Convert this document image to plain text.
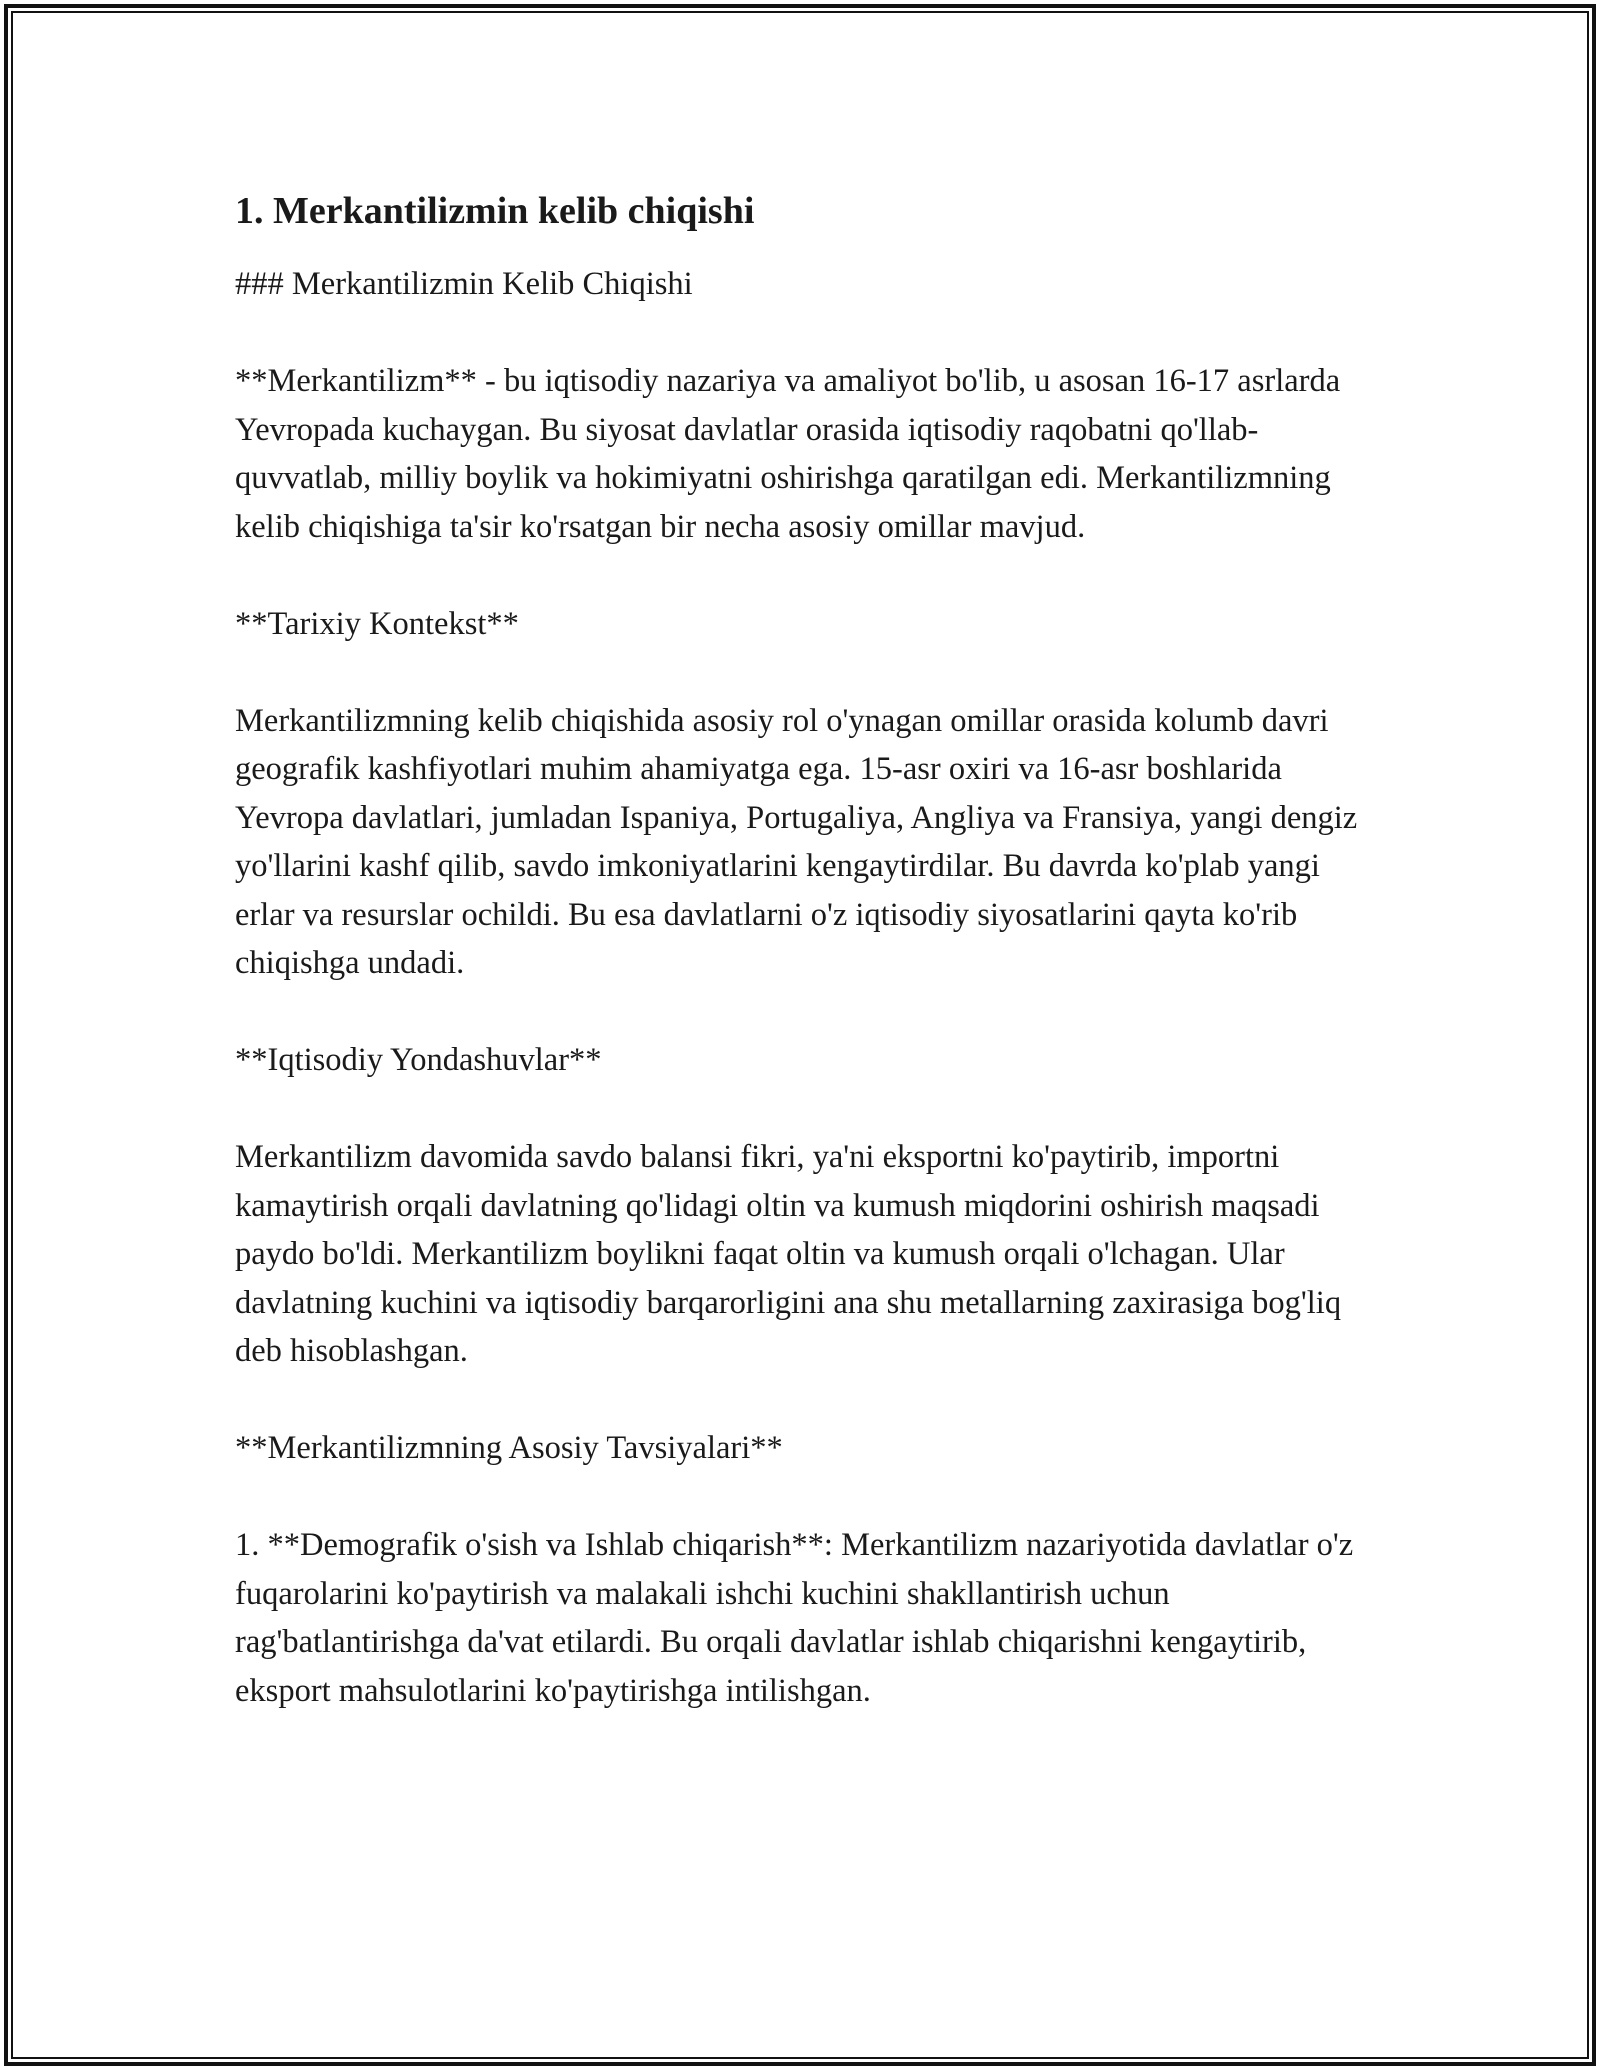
1. Merkantilizmin kelib chiqishi

### Merkantilizmin Kelib Chiqishi

**Merkantilizm** - bu iqtisodiy nazariya va amaliyot bo'lib, u asosan 16-17 asrlarda Yevropada kuchaygan. Bu siyosat davlatlar orasida iqtisodiy raqobatni qo'llab-quvvatlab, milliy boylik va hokimiyatni oshirishga qaratilgan edi. Merkantilizmning kelib chiqishiga ta'sir ko'rsatgan bir necha asosiy omillar mavjud.

**Tarixiy Kontekst**

Merkantilizmning kelib chiqishida asosiy rol o'ynagan omillar orasida kolumb davri geografik kashfiyotlari muhim ahamiyatga ega. 15-asr oxiri va 16-asr boshlarida Yevropa davlatlari, jumladan Ispaniya, Portugaliya, Angliya va Fransiya, yangi dengiz yo'llarini kashf qilib, savdo imkoniyatlarini kengaytirdilar. Bu davrda ko'plab yangi erlar va resurslar ochildi. Bu esa davlatlarni o'z iqtisodiy siyosatlarini qayta ko'rib chiqishga undadi.

**Iqtisodiy Yondashuvlar**

Merkantilizm davomida savdo balansi fikri, ya'ni eksportni ko'paytirib, importni kamaytirish orqali davlatning qo'lidagi oltin va kumush miqdorini oshirish maqsadi paydo bo'ldi. Merkantilizm boylikni faqat oltin va kumush orqali o'lchagan. Ular davlatning kuchini va iqtisodiy barqarorligini ana shu metallarning zaxirasiga bog'liq deb hisoblashgan.

**Merkantilizmning Asosiy Tavsiyalari**

1. **Demografik o'sish va Ishlab chiqarish**: Merkantilizm nazariyotida davlatlar o'z fuqarolarini ko'paytirish va malakali ishchi kuchini shakllantirish uchun rag'batlantirishga da'vat etilardi. Bu orqali davlatlar ishlab chiqarishni kengaytirib, eksport mahsulotlarini ko'paytirishga intilishgan.
